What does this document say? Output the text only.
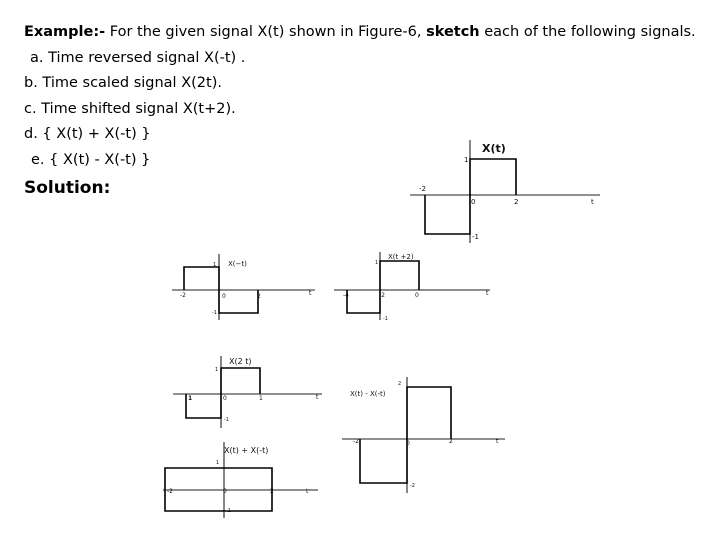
Example:- For the given signal X(t) shown in Figure-6, sketch each of the following signals.
a. Time reversed signal X(-t) .
b. Time scaled signal X(2t).
c. Time shifted signal X(t+2).
d. { X(t) + X(-t) }
e. { X(t) - X(-t) }
Solution:
X(t)
1
-2
0	2	t
-1
X(−t)
1
-2	0	2	t
-1
X(t +2)
1
-4	-2	0	t
-1
X(2 t)
1
1	0	1	t
-1
X(t) - X(-t)
2
-2	0	2	t
-2
X(t) + X(-t)
1
-2	0	2	t
-1
